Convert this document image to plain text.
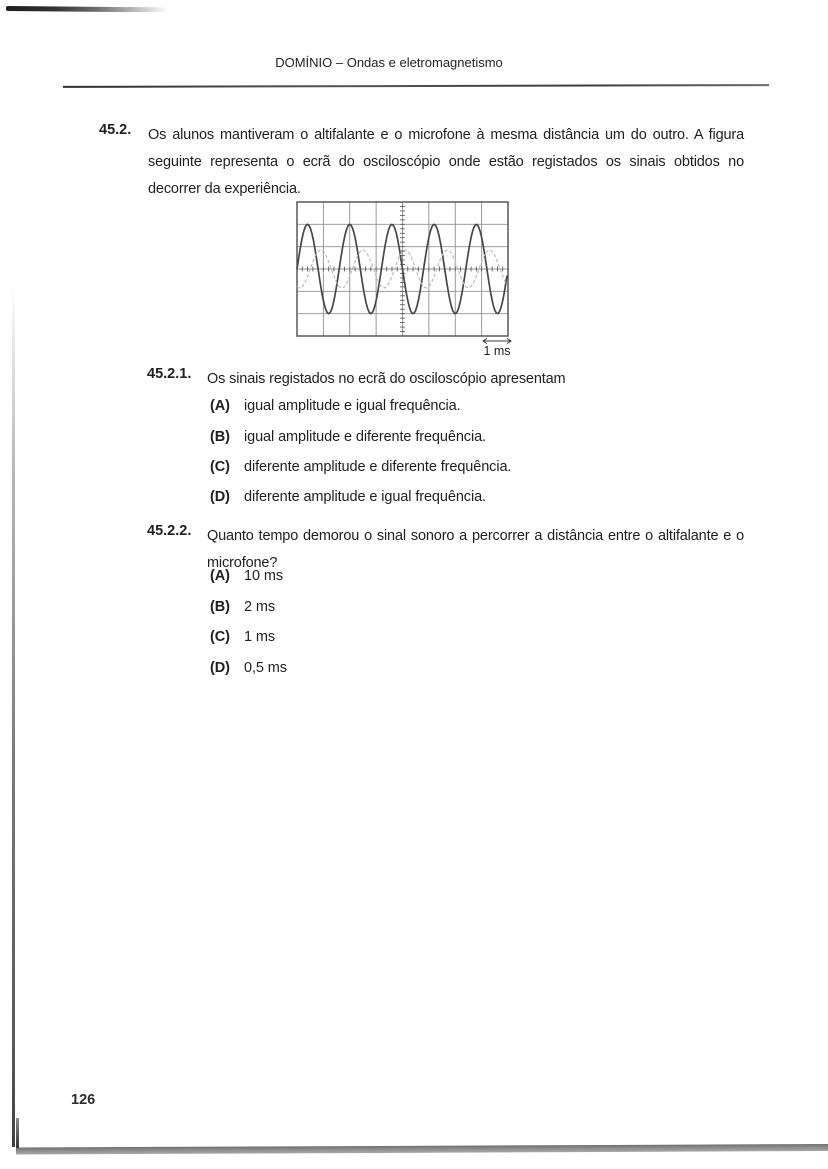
DOMÍNIO – Ondas e eletromagnetismo
45.2. Os alunos mantiveram o altifalante e o microfone à mesma distância um do outro. A figura seguinte representa o ecrã do osciloscópio onde estão registados os sinais obtidos no decorrer da experiência.

1 ms
45.2.1. Os sinais registados no ecrã do osciloscópio apresentam

(A) igual amplitude e igual frequência.
(B) igual amplitude e diferente frequência.
(C) diferente amplitude e diferente frequência.
(D) diferente amplitude e igual frequência.
45.2.2. Quanto tempo demorou o sinal sonoro a percorrer a distância entre o altifalante e o microfone?

(A) 10 ms
(B) 2 ms
(C) 1 ms
(D) 0,5 ms
126
